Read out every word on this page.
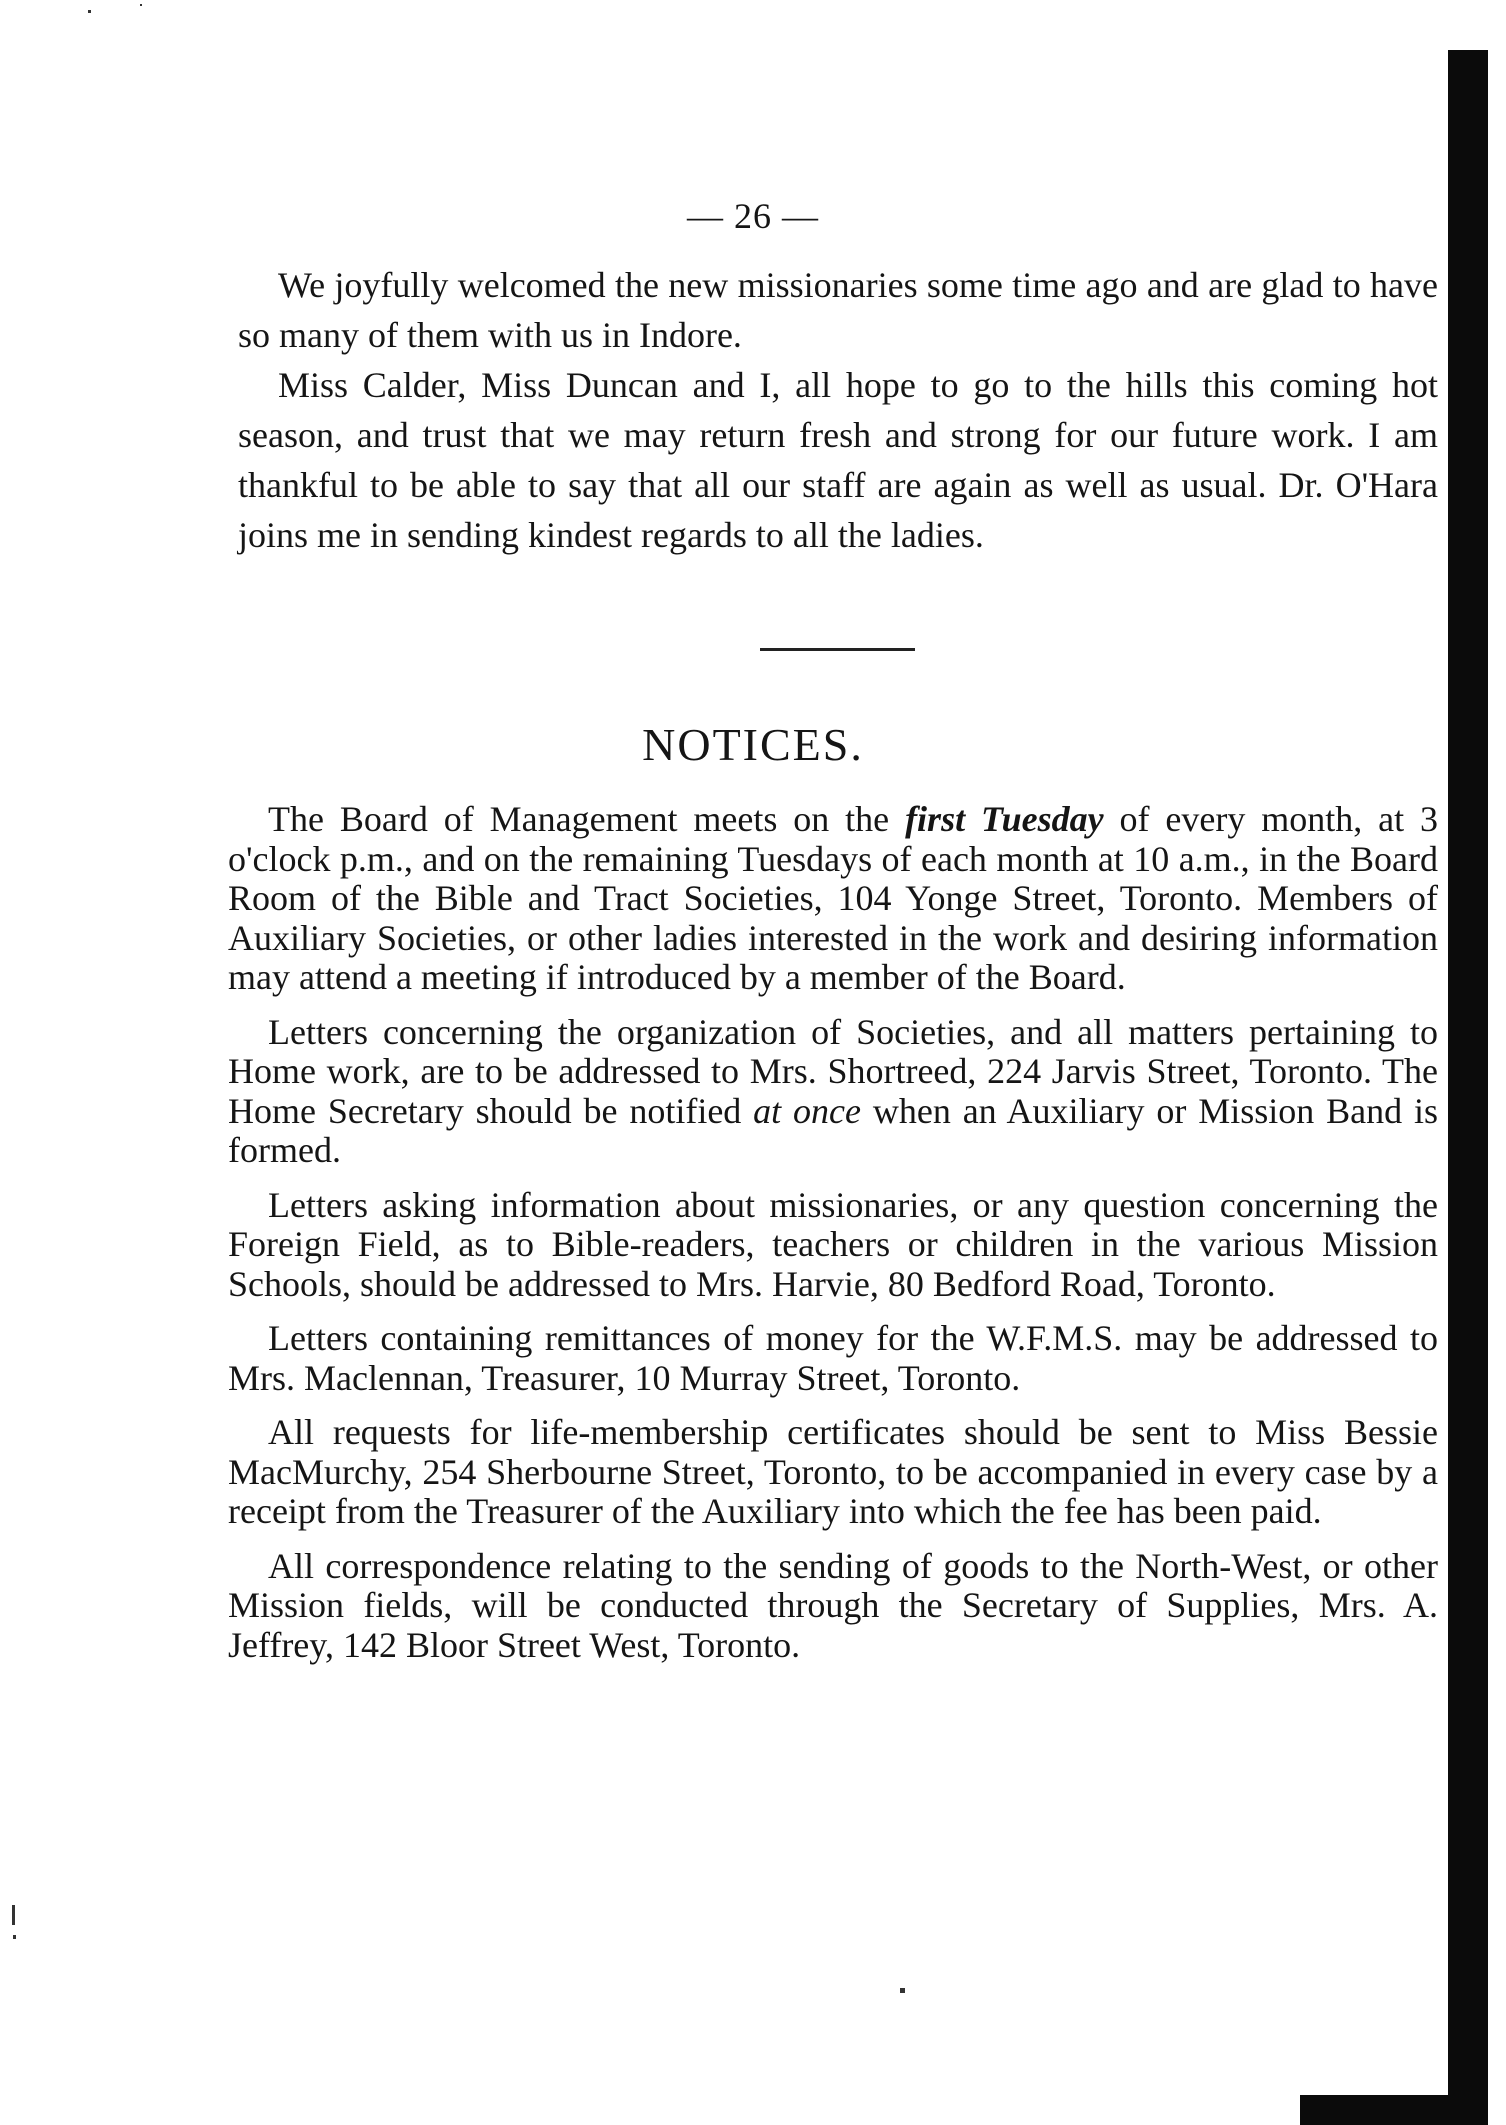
— 26 —

We joyfully welcomed the new missionaries some time ago and are glad to have so many of them with us in Indore.

Miss Calder, Miss Duncan and I, all hope to go to the hills this coming hot season, and trust that we may return fresh and strong for our future work. I am thankful to be able to say that all our staff are again as well as usual. Dr. O'Hara joins me in sending kindest regards to all the ladies.

NOTICES.

The Board of Management meets on the first Tuesday of every month, at 3 o'clock p.m., and on the remaining Tuesdays of each month at 10 a.m., in the Board Room of the Bible and Tract Societies, 104 Yonge Street, Toronto. Members of Auxiliary Societies, or other ladies interested in the work and desiring information may attend a meeting if introduced by a member of the Board.

Letters concerning the organization of Societies, and all matters pertaining to Home work, are to be addressed to Mrs. Shortreed, 224 Jarvis Street, Toronto. The Home Secretary should be notified at once when an Auxiliary or Mission Band is formed.

Letters asking information about missionaries, or any question concerning the Foreign Field, as to Bible-readers, teachers or children in the various Mission Schools, should be addressed to Mrs. Harvie, 80 Bedford Road, Toronto.

Letters containing remittances of money for the W.F.M.S. may be addressed to Mrs. Maclennan, Treasurer, 10 Murray Street, Toronto.

All requests for life-membership certificates should be sent to Miss Bessie MacMurchy, 254 Sherbourne Street, Toronto, to be accompanied in every case by a receipt from the Treasurer of the Auxiliary into which the fee has been paid.

All correspondence relating to the sending of goods to the North-West, or other Mission fields, will be conducted through the Secretary of Supplies, Mrs. A. Jeffrey, 142 Bloor Street West, Toronto.
